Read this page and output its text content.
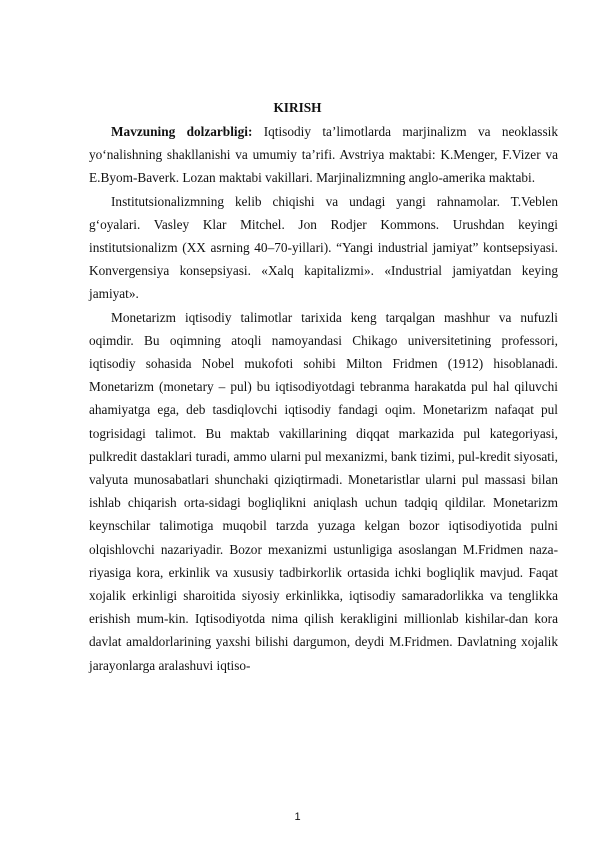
KIRISH

Mavzuning dolzarbligi: Iqtisodiy ta’limotlarda marjinalizm va neoklassik yo‘nalishning shakllanishi va umumiy ta’rifi. Avstriya maktabi: K.Menger, F.Vizer va E.Byom-Baverk. Lozan maktabi vakillari. Marjinalizmning anglo-amerika maktabi.

Institutsionalizmning kelib chiqishi va undagi yangi rahnamolar. T.Veblen g‘oyalari. Vasley Klar Mitchel. Jon Rodjer Kommons. Urushdan keyingi institutsionalizm (XX asrning 40–70-yillari). “Yangi industrial jamiyat” kontsepsiyasi. Konvergensiya konsepsiyasi. «Xalq kapitalizmi». «Industrial jamiyatdan keying jamiyat».

Monetarizm iqtisodiy talimotlar tarixida keng tarqalgan mashhur va nufuzli oqimdir. Bu oqimning atoqli namoyandasi Chikago universitetining professori, iqtisodiy sohasida Nobel mukofoti sohibi Milton Fridmen (1912) hisoblanadi. Monetarizm (monetary – pul) bu iqtisodiyotdagi tebranma harakatda pul hal qiluvchi ahamiyatga ega, deb tasdiqlovchi iqtisodiy fandagi oqim. Monetarizm nafaqat pul togrisidagi talimot. Bu maktab vakillarining diqqat markazida pul kategoriyasi, pulkredit dastaklari turadi, ammo ularni pul mexanizmi, bank tizimi, pul-kredit siyosati, valyuta munosabatlari shunchaki qiziqtirmadi. Monetaristlar ularni pul massasi bilan ishlab chiqarish orta-sidagi bogliqlikni aniqlash uchun tadqiq qildilar. Monetarizm keynschilar talimotiga muqobil tarzda yuzaga kelgan bozor iqtisodiyotida pulni olqishlovchi nazariyadir. Bozor mexanizmi ustunligiga asoslangan M.Fridmen naza-riyasiga kora, erkinlik va xususiy tadbirkorlik ortasida ichki bogliqlik mavjud. Faqat xojalik erkinligi sharoitida siyosiy erkinlikka, iqtisodiy samaradorlikka va tenglikka erishish mum-kin. Iqtisodiyotda nima qilish kerakligini millionlab kishilar-dan kora davlat amaldorlarining yaxshi bilishi dargumon, deydi M.Fridmen. Davlatning xojalik jarayonlarga aralashuvi iqtiso-

1
